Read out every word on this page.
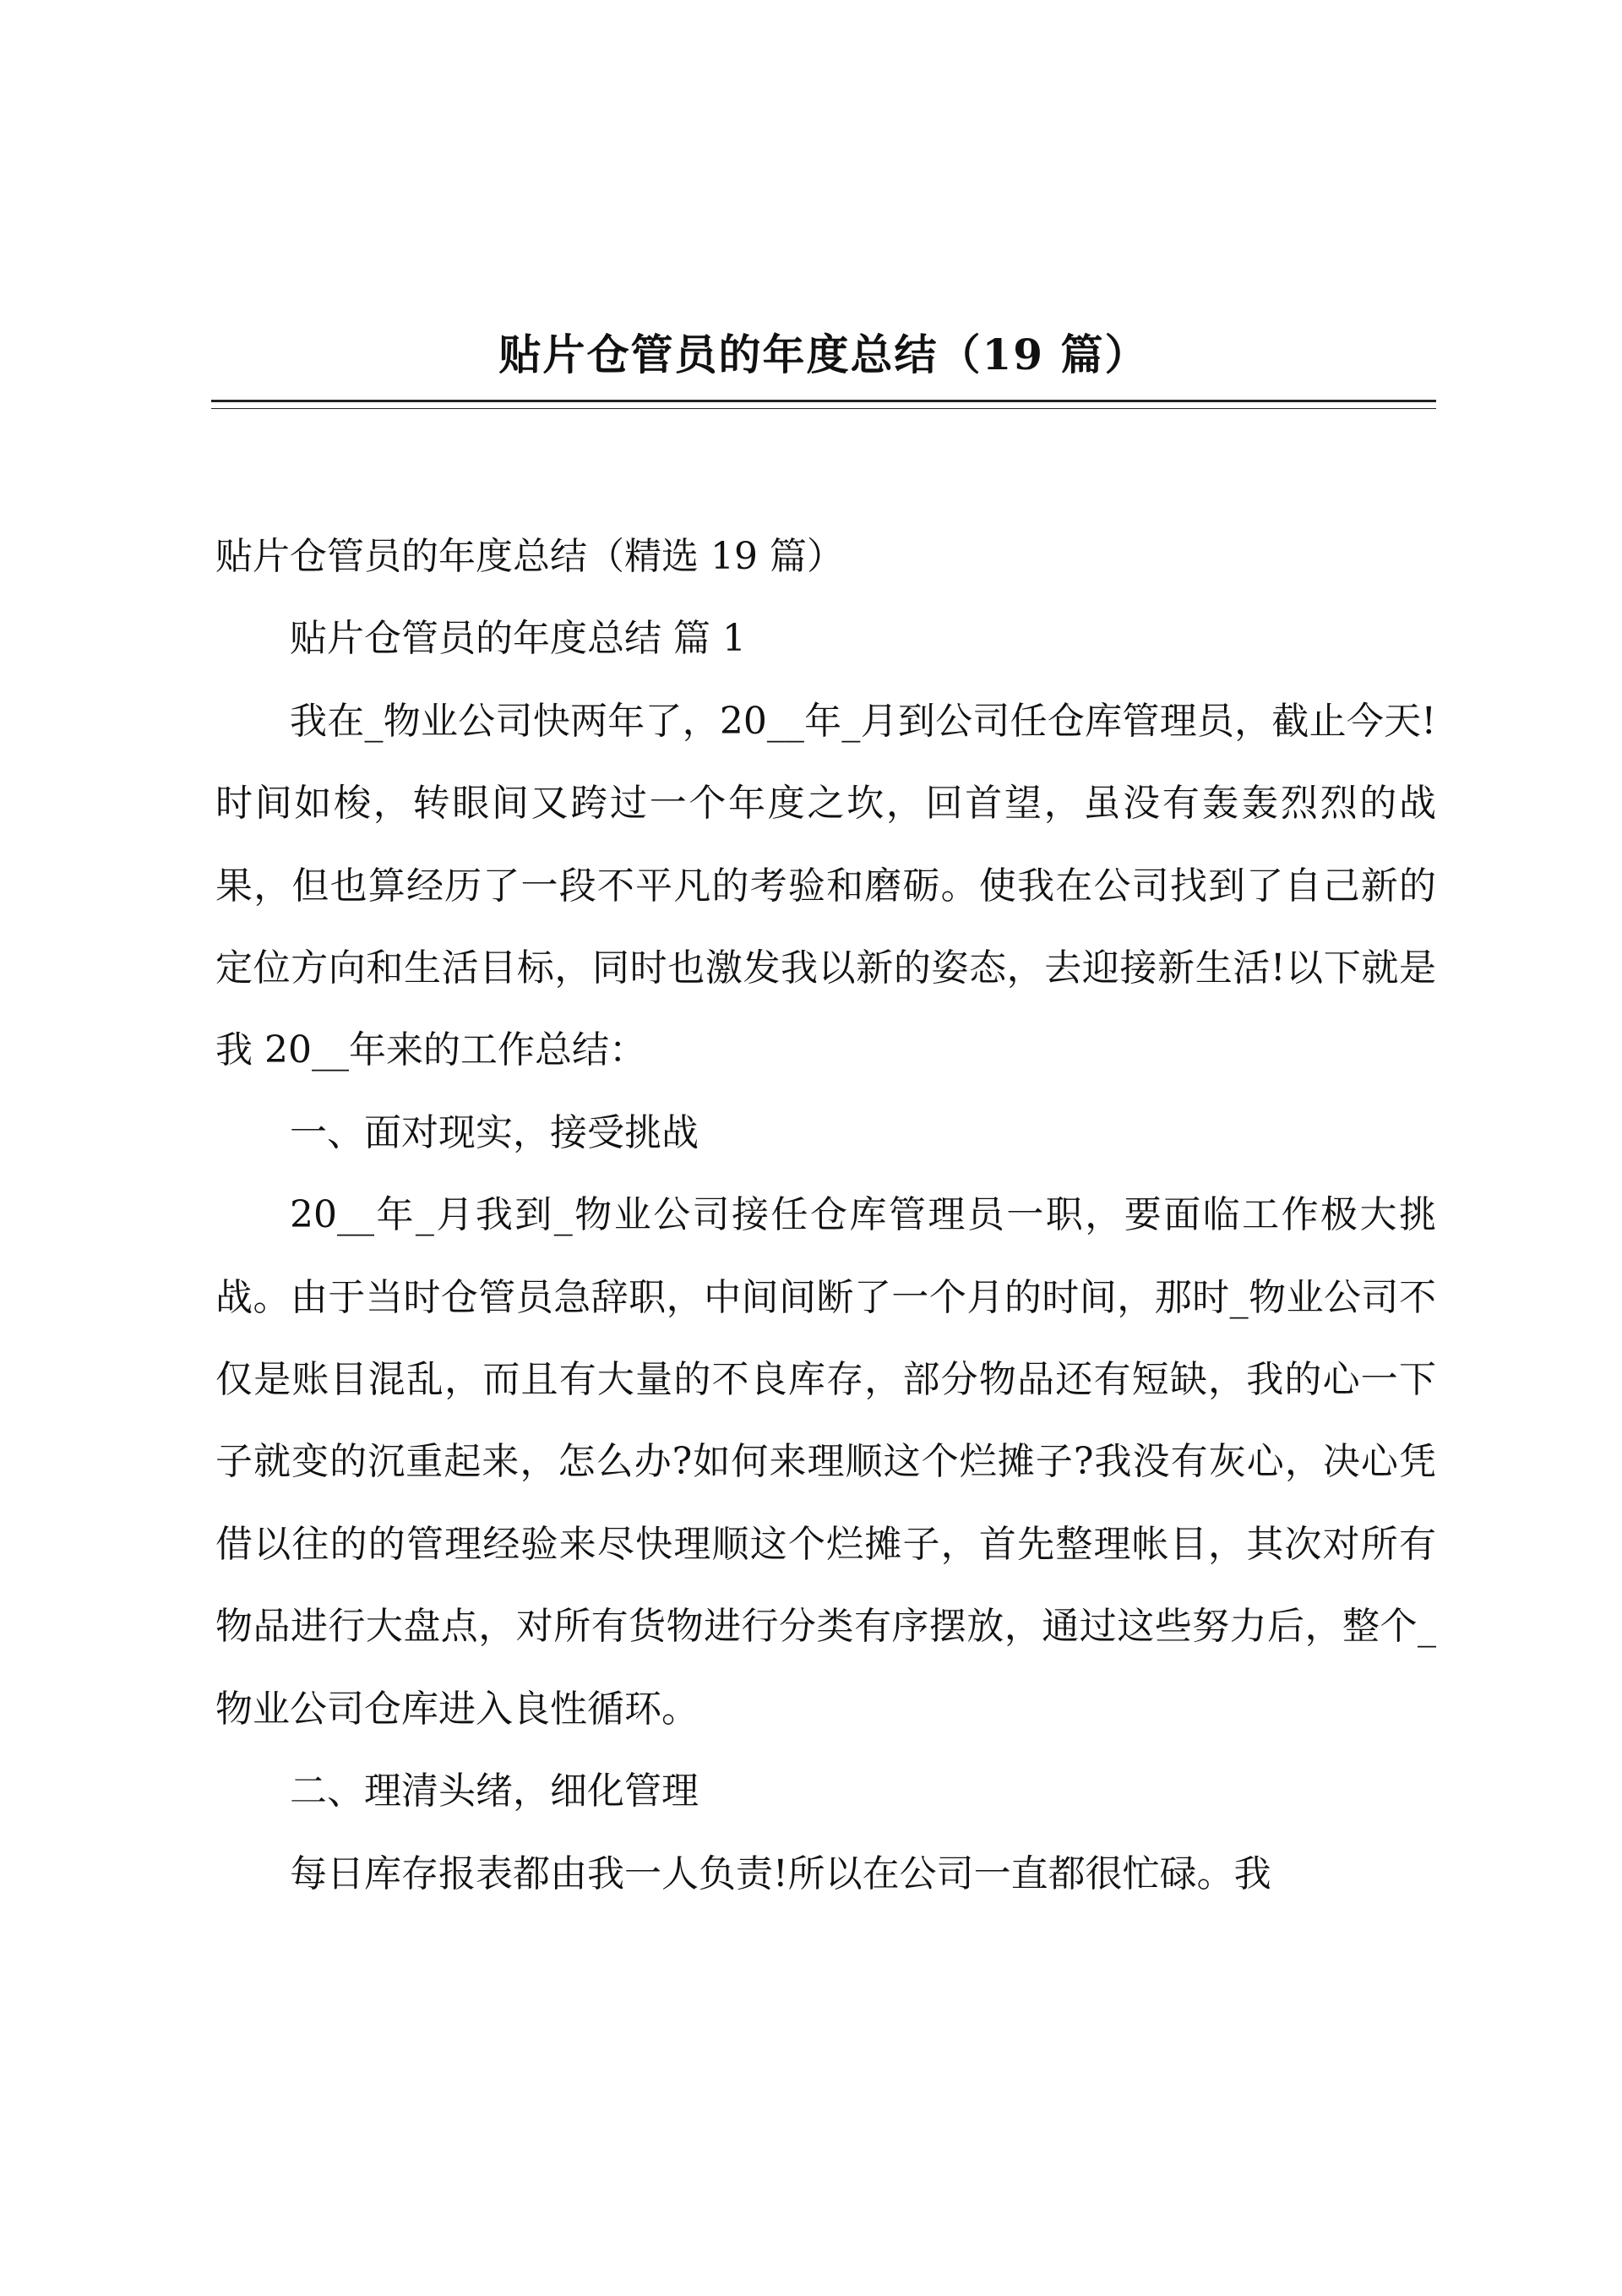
贴片仓管员的年度总结（19 篇）

贴片仓管员的年度总结（精选 19 篇）

贴片仓管员的年度总结 篇 1

我在_物业公司快两年了，20__年_月到公司任仓库管理员，截止今天!时间如梭，转眼间又跨过一个年度之坎，回首望，虽没有轰轰烈烈的战果，但也算经历了一段不平凡的考验和磨砺。使我在公司找到了自己新的定位方向和生活目标，同时也激发我以新的姿态，去迎接新生活!以下就是我 20__年来的工作总结：

一、面对现实，接受挑战

20__年_月我到_物业公司接任仓库管理员一职，要面临工作极大挑战。由于当时仓管员急辞职，中间间断了一个月的时间，那时_物业公司不仅是账目混乱，而且有大量的不良库存，部分物品还有短缺，我的心一下子就变的沉重起来，怎么办?如何来理顺这个烂摊子?我没有灰心，决心凭借以往的的管理经验来尽快理顺这个烂摊子，首先整理帐目，其次对所有物品进行大盘点，对所有货物进行分类有序摆放，通过这些努力后，整个_物业公司仓库进入良性循环。

二、理清头绪，细化管理

每日库存报表都由我一人负责!所以在公司一直都很忙碌。我
